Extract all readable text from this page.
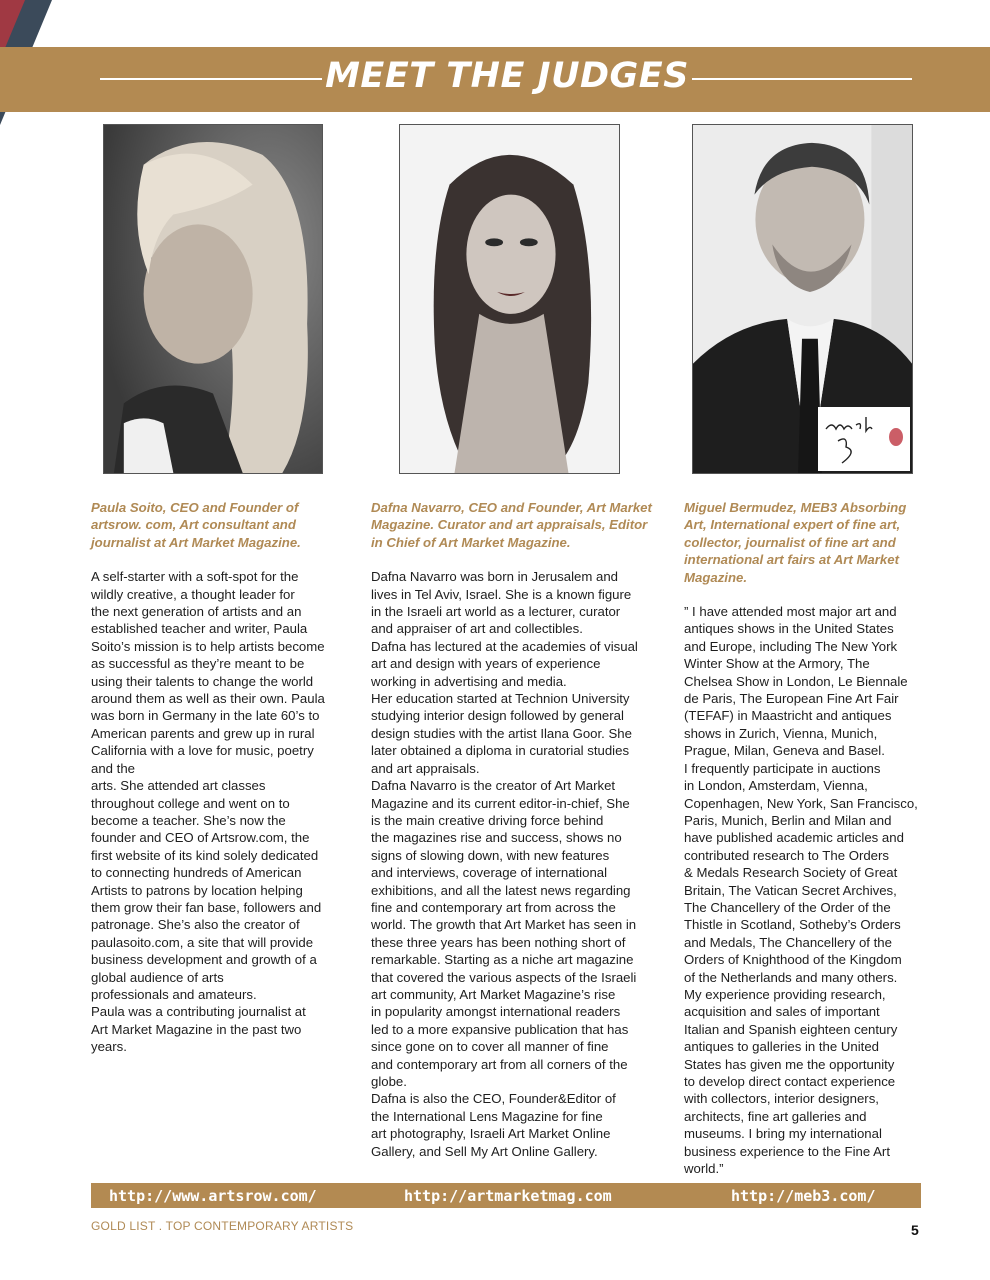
MEET THE JUDGES
Paula Soito, CEO and Founder of
artsrow. com, Art consultant and
journalist at Art Market Magazine.
A self-starter with a soft-spot for the
wildly creative, a thought leader for
the next generation of artists and an
established teacher and writer, Paula
Soito’s mission is to help artists become
as successful as they’re meant to be
using their talents to change the world
around them as well as their own. Paula
was born in Germany in the late 60’s to
American parents and grew up in rural
California with a love for music, poetry
and the
arts. She attended art classes
throughout college and went on to
become a teacher. She’s now the
founder and CEO of Artsrow.com, the
first website of its kind solely dedicated
to connecting hundreds of American
Artists to patrons by location helping
them grow their fan base, followers and
patronage. She’s also the creator of
paulasoito.com, a site that will provide
business development and growth of a
global audience of arts
professionals and amateurs.
Paula was a contributing journalist at
Art Market Magazine in the past two
years.
Dafna Navarro, CEO and Founder, Art Market
Magazine. Curator and art appraisals, Editor
in Chief of Art Market Magazine.
Dafna Navarro was born in Jerusalem and
lives in Tel Aviv, Israel. She is a known figure
in the Israeli art world as a lecturer, curator
and appraiser of art and collectibles.
Dafna has lectured at the academies of visual
art and design with years of experience
working in advertising and media.
Her education started at Technion University
studying interior design followed by general
design studies with the artist Ilana Goor. She
later obtained a diploma in curatorial studies
and art appraisals.
Dafna Navarro is the creator of Art Market
Magazine and its current editor-in-chief, She
is the main creative driving force behind
the magazines rise and success, shows no
signs of slowing down, with new features
and interviews, coverage of international
exhibitions, and all the latest news regarding
fine and contemporary art from across the
world. The growth that Art Market has seen in
these three years has been nothing short of
remarkable. Starting as a niche art magazine
that covered the various aspects of the Israeli
art community, Art Market Magazine’s rise
in popularity amongst international readers
led to a more expansive publication that has
since gone on to cover all manner of fine
and contemporary art from all corners of the
globe.
Dafna is also the CEO, Founder&Editor of
the International Lens Magazine for fine
art photography, Israeli Art Market Online
Gallery, and Sell My Art Online Gallery.
Miguel Bermudez, MEB3 Absorbing
Art, International expert of fine art,
collector, journalist of fine art and
international art fairs at Art Market
Magazine.
” I have attended most major art and
antiques shows in the United States
and Europe, including The New York
Winter Show at the Armory, The
Chelsea Show in London, Le Biennale
de Paris, The European Fine Art Fair
(TEFAF) in Maastricht and antiques
shows in Zurich, Vienna, Munich,
Prague, Milan, Geneva and Basel.
I frequently participate in auctions
in London, Amsterdam, Vienna,
Copenhagen, New York, San Francisco,
Paris, Munich, Berlin and Milan and
have published academic articles and
contributed research to The Orders
& Medals Research Society of Great
Britain, The Vatican Secret Archives,
The Chancellery of the Order of the
Thistle in Scotland, Sotheby’s Orders
and Medals, The Chancellery of the
Orders of Knighthood of the Kingdom
of the Netherlands and many others.
My experience providing research,
acquisition and sales of important
Italian and Spanish eighteen century
antiques to galleries in the United
States has given me the opportunity
to develop direct contact experience
with collectors, interior designers,
architects, fine art galleries and
museums. I bring my international
business experience to the Fine Art
world.”
http://www.artsrow.com/	http://artmarketmag.com	http://meb3.com/
GOLD LIST . TOP CONTEMPORARY ARTISTS	5
